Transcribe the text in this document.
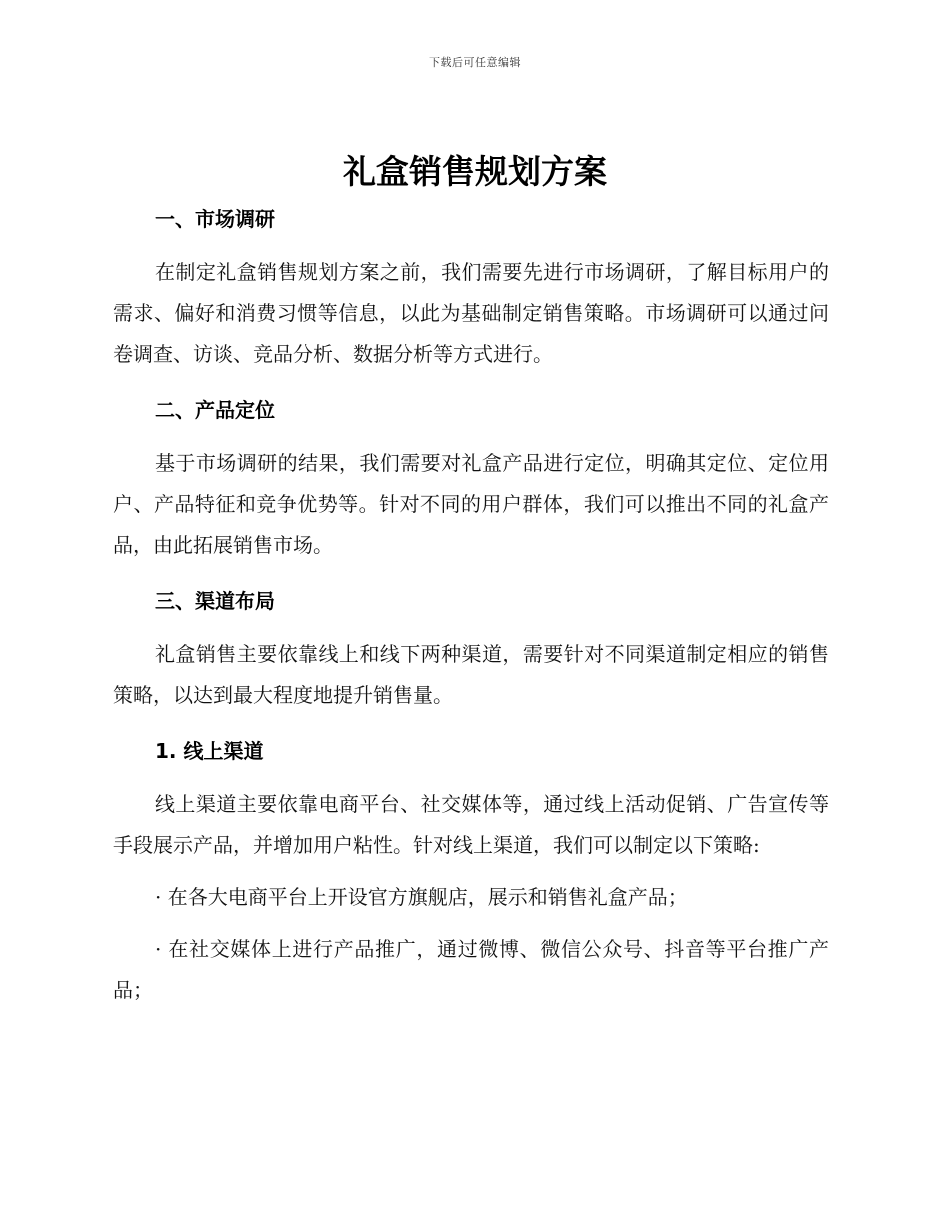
下载后可任意编辑
礼盒销售规划方案
一、市场调研

在制定礼盒销售规划方案之前，我们需要先进行市场调研，了解目标用户的需求、偏好和消费习惯等信息，以此为基础制定销售策略。市场调研可以通过问卷调查、访谈、竞品分析、数据分析等方式进行。

二、产品定位

基于市场调研的结果，我们需要对礼盒产品进行定位，明确其定位、定位用户、产品特征和竞争优势等。针对不同的用户群体，我们可以推出不同的礼盒产品，由此拓展销售市场。

三、渠道布局

礼盒销售主要依靠线上和线下两种渠道，需要针对不同渠道制定相应的销售策略，以达到最大程度地提升销售量。

1. 线上渠道

线上渠道主要依靠电商平台、社交媒体等，通过线上活动促销、广告宣传等手段展示产品，并增加用户粘性。针对线上渠道，我们可以制定以下策略:

· 在各大电商平台上开设官方旗舰店，展示和销售礼盒产品；

· 在社交媒体上进行产品推广，通过微博、微信公众号、抖音等平台推广产品；
